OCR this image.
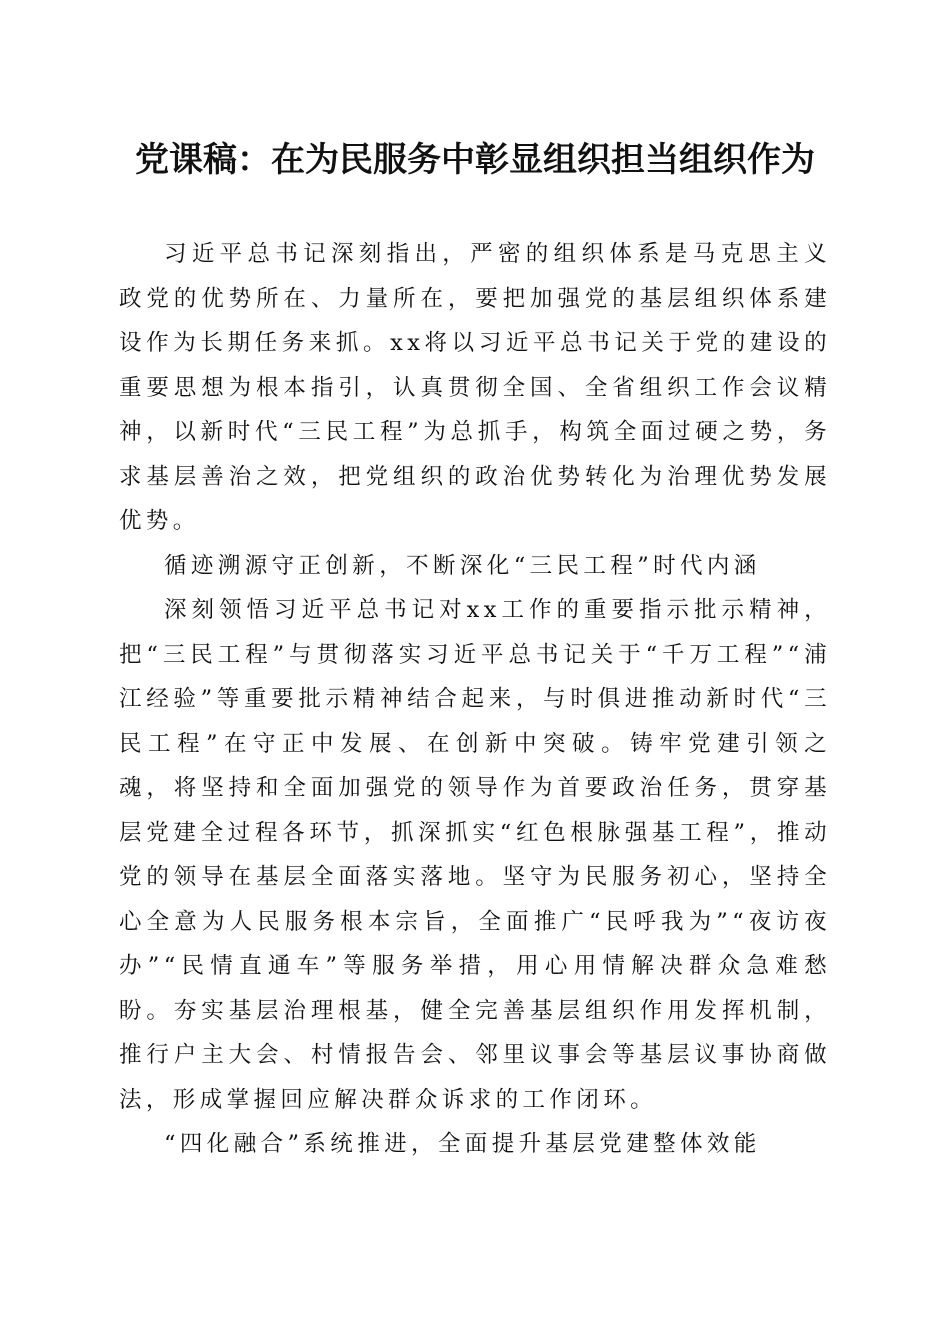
党课稿：在为民服务中彰显组织担当组织作为

习近平总书记深刻指出，严密的组织体系是马克思主义政党的优势所在、力量所在，要把加强党的基层组织体系建设作为长期任务来抓。xx将以习近平总书记关于党的建设的重要思想为根本指引，认真贯彻全国、全省组织工作会议精神，以新时代“三民工程”为总抓手，构筑全面过硬之势，务求基层善治之效，把党组织的政治优势转化为治理优势发展优势。

循迹溯源守正创新，不断深化“三民工程”时代内涵

深刻领悟习近平总书记对xx工作的重要指示批示精神，把“三民工程”与贯彻落实习近平总书记关于“千万工程”“浦江经验”等重要批示精神结合起来，与时俱进推动新时代“三民工程”在守正中发展、在创新中突破。铸牢党建引领之魂，将坚持和全面加强党的领导作为首要政治任务，贯穿基层党建全过程各环节，抓深抓实“红色根脉强基工程”，推动党的领导在基层全面落实落地。坚守为民服务初心，坚持全心全意为人民服务根本宗旨，全面推广“民呼我为”“夜访夜办”“民情直通车”等服务举措，用心用情解决群众急难愁盼。夯实基层治理根基，健全完善基层组织作用发挥机制，推行户主大会、村情报告会、邻里议事会等基层议事协商做法，形成掌握回应解决群众诉求的工作闭环。

“四化融合”系统推进，全面提升基层党建整体效能
